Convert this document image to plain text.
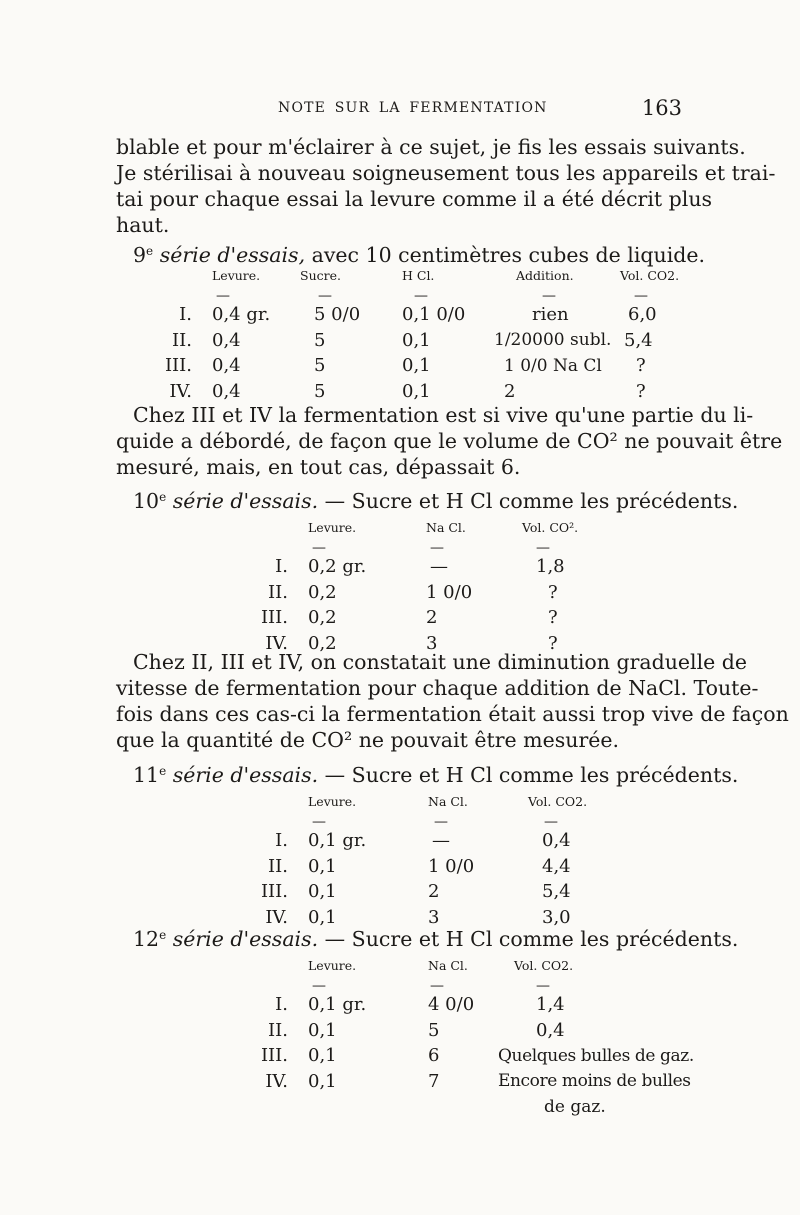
NOTE SUR LA FERMENTATION	163
blable et pour m'éclairer à ce sujet, je fis les essais suivants.
Je stérilisai à nouveau soigneusement tous les appareils et trai-
tai pour chaque essai la levure comme il a été décrit plus
haut.
9e série d'essais, avec 10 centimètres cubes de liquide.
	Levure.	Sucre.	H Cl.	Addition.	Vol. CO2.
	—	—	—	—	—
I.	0,4 gr.	5 0/0	0,1 0/0	rien	6,0
II.	0,4	5	0,1	1/20000 subl.	5,4
III.	0,4	5	0,1	1 0/0 Na Cl	?
IV.	0,4	5	0,1	2	?
Chez III et IV la fermentation est si vive qu'une partie du li-
quide a débordé, de façon que le volume de CO² ne pouvait être
mesuré, mais, en tout cas, dépassait 6.
10e série d'essais. — Sucre et H Cl comme les précédents.
	Levure.	Na Cl.	Vol. CO².
	—	—	—
I.	0,2 gr.	—	1,8
II.	0,2	1 0/0	?
III.	0,2	2	?
IV.	0,2	3	?
Chez II, III et IV, on constatait une diminution graduelle de
vitesse de fermentation pour chaque addition de NaCl. Toute-
fois dans ces cas-ci la fermentation était aussi trop vive de façon
que la quantité de CO² ne pouvait être mesurée.
11e série d'essais. — Sucre et H Cl comme les précédents.
	Levure.	Na Cl.	Vol. CO2.
	—	—	—
I.	0,1 gr.	—	0,4
II.	0,1	1 0/0	4,4
III.	0,1	2	5,4
IV.	0,1	3	3,0
12e série d'essais. — Sucre et H Cl comme les précédents.
	Levure.	Na Cl.	Vol. CO2.
	—	—	—
I.	0,1 gr.	4 0/0	1,4
II.	0,1	5	0,4
III.	0,1	6	Quelques bulles de gaz.
IV.	0,1	7	Encore moins de bulles
			de gaz.
